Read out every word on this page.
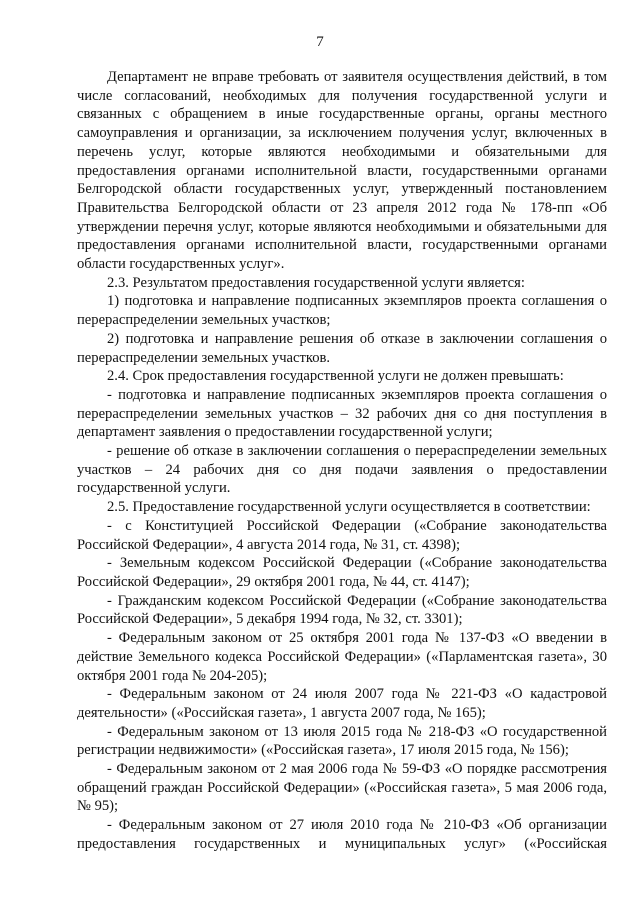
7

Департамент не вправе требовать от заявителя осуществления действий, в том числе согласований, необходимых для получения государственной услуги и связанных с обращением в иные государственные органы, органы местного самоуправления и организации, за исключением получения услуг, включенных в перечень услуг, которые являются необходимыми и обязательными для предоставления органами исполнительной власти, государственными органами Белгородской области государственных услуг, утвержденный постановлением Правительства Белгородской области от 23 апреля 2012 года № 178-пп «Об утверждении перечня услуг, которые являются необходимыми и обязательными для предоставления органами исполнительной власти, государственными органами области государственных услуг».

2.3. Результатом предоставления государственной услуги является:

1) подготовка и направление подписанных экземпляров проекта соглашения о перераспределении земельных участков;

2) подготовка и направление решения об отказе в заключении соглашения о перераспределении земельных участков.

2.4. Срок предоставления государственной услуги не должен превышать:

- подготовка и направление подписанных экземпляров проекта соглашения о перераспределении земельных участков – 32 рабочих дня со дня поступления в департамент заявления о предоставлении государственной услуги;

- решение об отказе в заключении соглашения о перераспределении земельных участков – 24 рабочих дня со дня подачи заявления о предоставлении государственной услуги.

2.5. Предоставление государственной услуги осуществляется в соответствии:

- с Конституцией Российской Федерации («Собрание законодательства Российской Федерации», 4 августа 2014 года, № 31, ст. 4398);

- Земельным кодексом Российской Федерации («Собрание законодательства Российской Федерации», 29 октября 2001 года, № 44, ст. 4147);

- Гражданским кодексом Российской Федерации («Собрание законодательства Российской Федерации», 5 декабря 1994 года, № 32, ст. 3301);

- Федеральным законом от 25 октября 2001 года № 137-ФЗ «О введении в действие Земельного кодекса Российской Федерации» («Парламентская газета», 30 октября 2001 года № 204-205);

- Федеральным законом от 24 июля 2007 года № 221-ФЗ «О кадастровой деятельности» («Российская газета», 1 августа 2007 года, № 165);

- Федеральным законом от 13 июля 2015 года № 218-ФЗ «О государственной регистрации недвижимости» («Российская газета», 17 июля 2015 года, № 156);

- Федеральным законом от 2 мая 2006 года № 59-ФЗ «О порядке рассмотрения обращений граждан Российской Федерации» («Российская газета», 5 мая 2006 года, № 95);

- Федеральным законом от 27 июля 2010 года № 210-ФЗ «Об организации предоставления государственных и муниципальных услуг» («Российская
